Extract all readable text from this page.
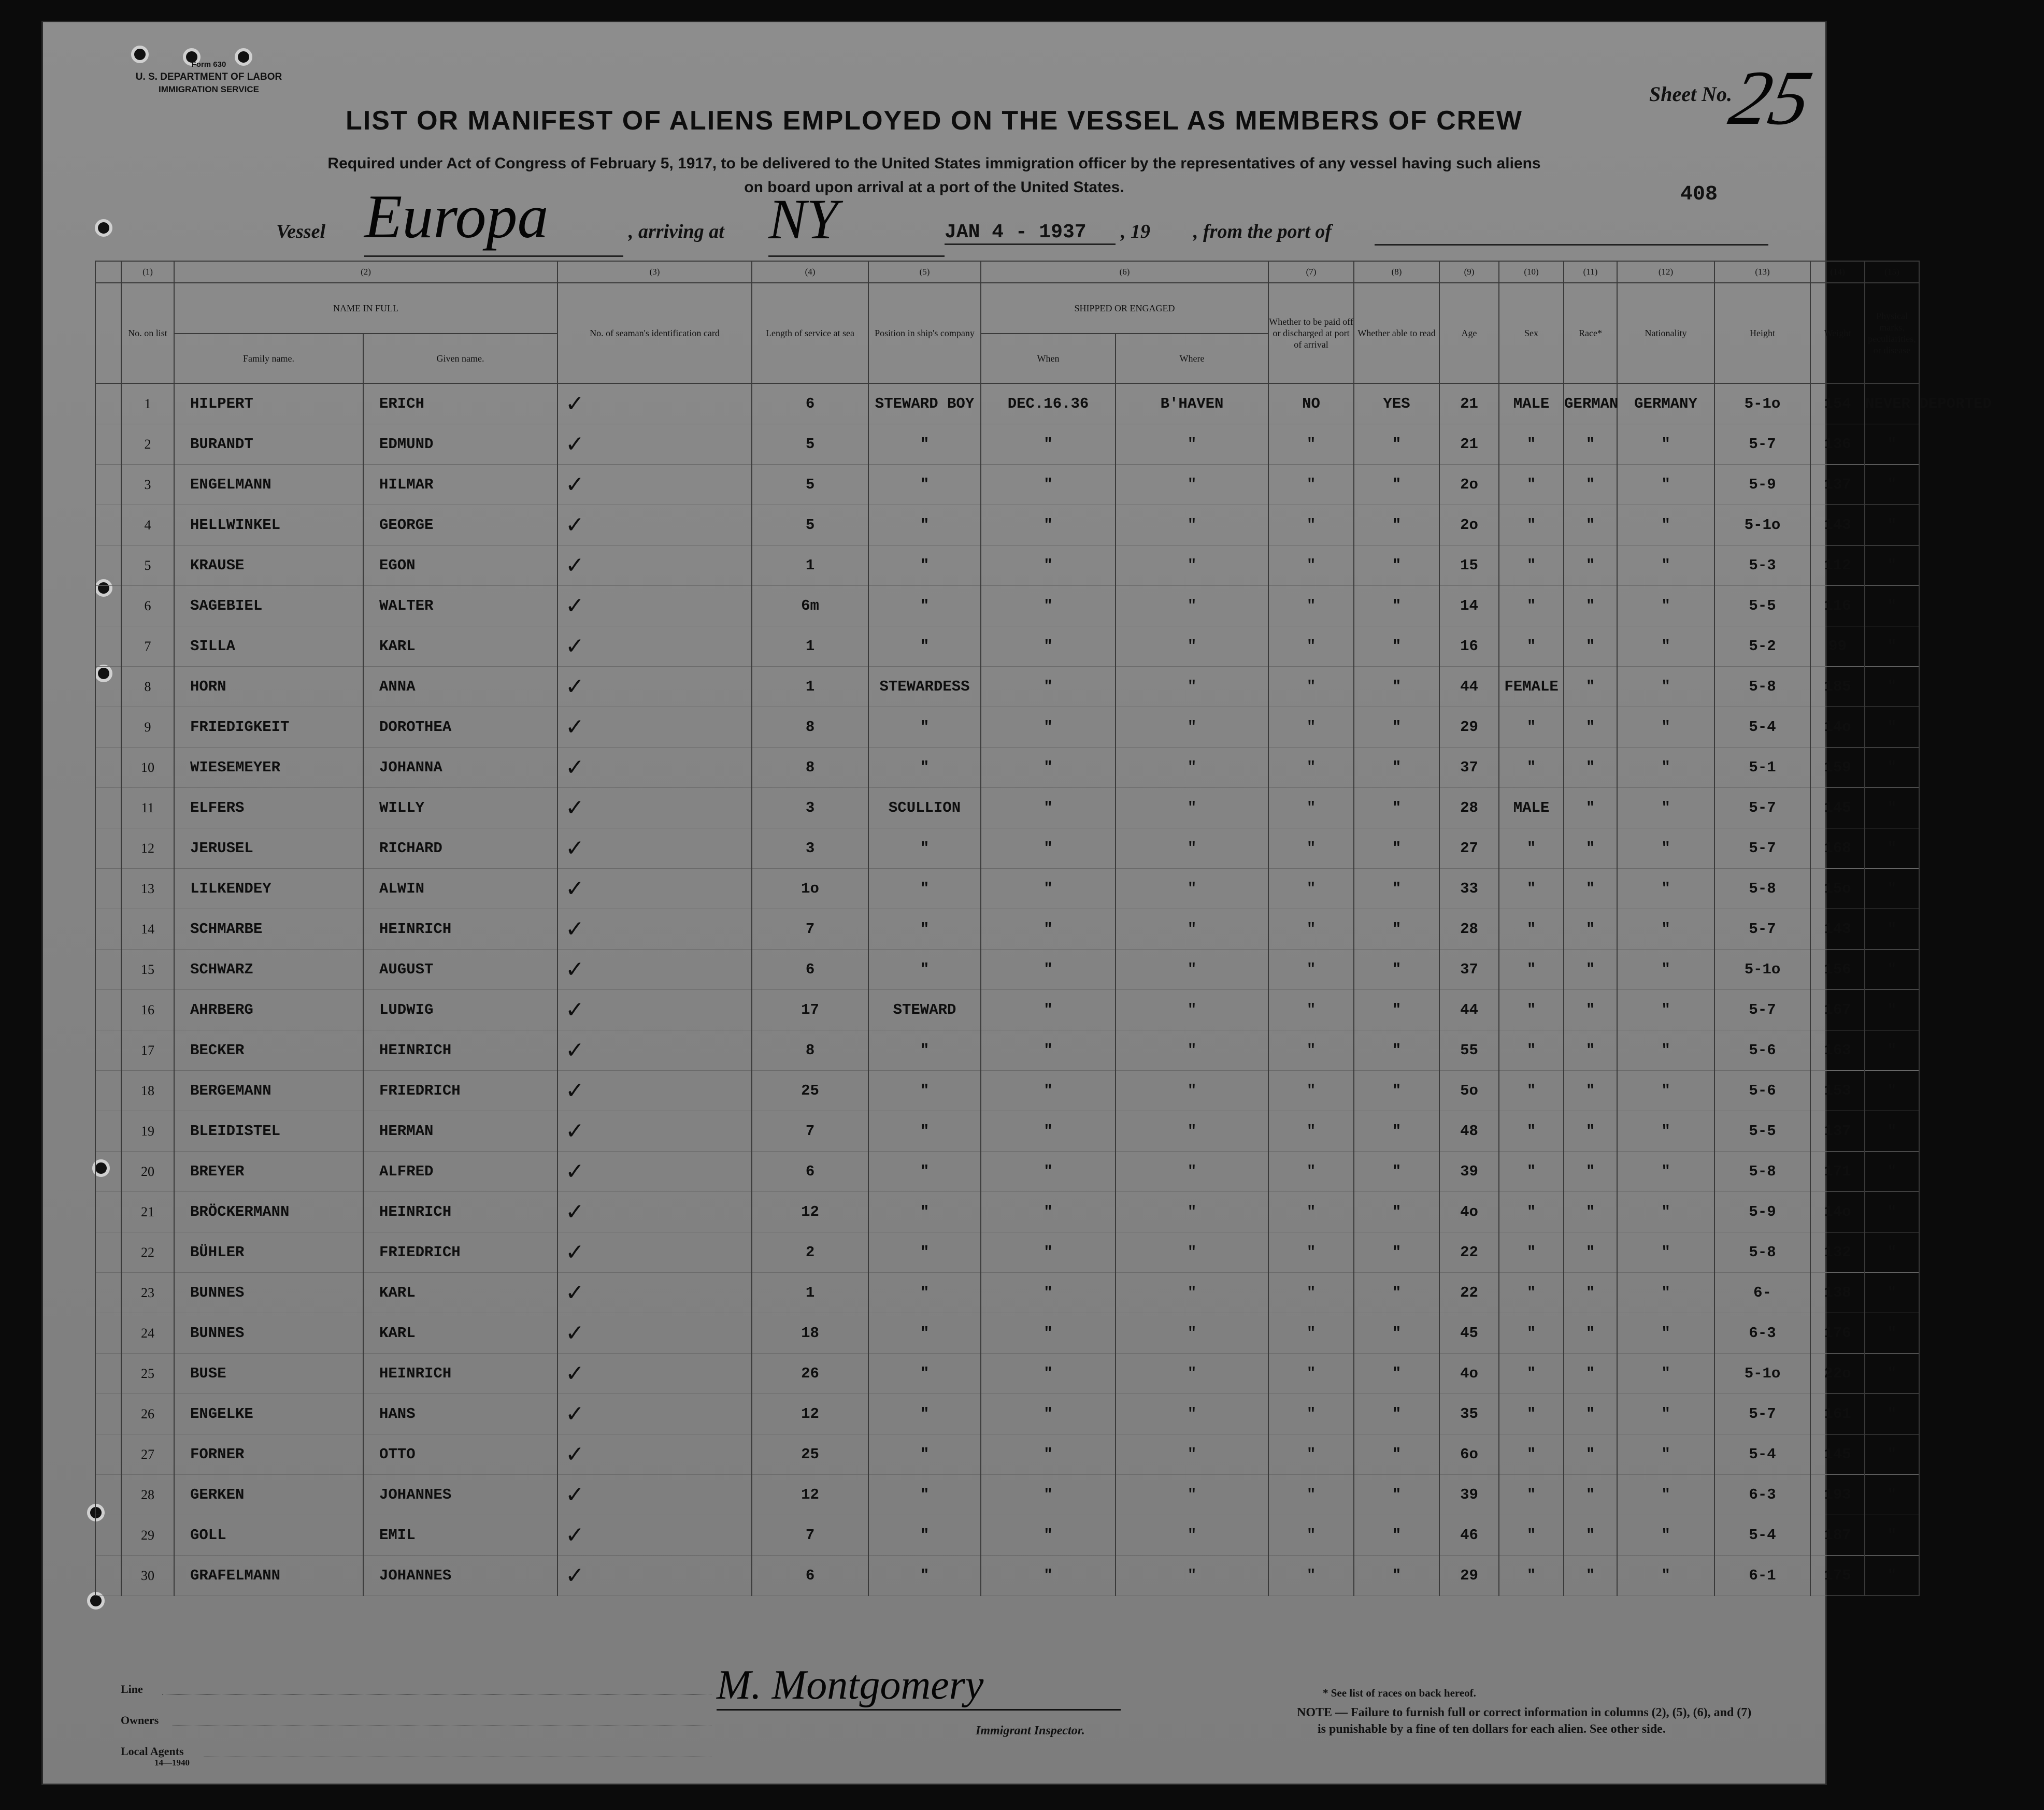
Form 630
U. S. DEPARTMENT OF LABOR
IMMIGRATION SERVICE	Sheet No.
25
408
LIST OR MANIFEST OF ALIENS EMPLOYED ON THE VESSEL AS MEMBERS OF CREW
Required under Act of Congress of February 5, 1917, to be delivered to the United States immigration officer by the representatives of any vessel having such aliens
on board upon arrival at a port of the United States.
Vessel Europa	, arriving at NY	JAN 4 - 1937	, 19 , from the port of
	(1)	(2)		(3)	(4)	(5)	(6)		(7)	(8)	(9)	(10)	(11)	(12)	(13)	(14)	(15)
	No. on list	NAME IN FULL		No. of seaman's identification card	Length of service at sea	Position in ship's company	SHIPPED OR ENGAGED		Whether to be paid off or discharged at port of arrival	Whether able to read	Age	Sex	Race*	Nationality	Height	Weight	Physical marks, peculiarities, or disease
		Family name.	Given name.				When	Where									
	1	HILPERT	ERICH	✓	6	STEWARD BOY	DEC.16.36	B'HAVEN	NO	YES	21	MALE	GERMAN	GERMANY	5-1o	154	NEVER DEPORTED
	2	BURANDT	EDMUND	✓	5	"	"	"	"	"	21	"	"	"	5-7	136	"
	3	ENGELMANN	HILMAR	✓	5	"	"	"	"	"	2o	"	"	"	5-9	137	"
	4	HELLWINKEL	GEORGE	✓	5	"	"	"	"	"	2o	"	"	"	5-1o	143	"
	5	KRAUSE	EGON	✓	1	"	"	"	"	"	15	"	"	"	5-3	112	"
	6	SAGEBIEL	WALTER	✓	6m	"	"	"	"	"	14	"	"	"	5-5	116	"
	7	SILLA	KARL	✓	1	"	"	"	"	"	16	"	"	"	5-2	99	"
	8	HORN	ANNA	✓	1	STEWARDESS	"	"	"	"	44	FEMALE	"	"	5-8	185	"
	9	FRIEDIGKEIT	DOROTHEA	✓	8	"	"	"	"	"	29	"	"	"	5-4	14o	"
	10	WIESEMEYER	JOHANNA	✓	8	"	"	"	"	"	37	"	"	"	5-1	159	"
	11	ELFERS	WILLY	✓	3	SCULLION	"	"	"	"	28	MALE	"	"	5-7	145	"
	12	JERUSEL	RICHARD	✓	3	"	"	"	"	"	27	"	"	"	5-7	168	"
	13	LILKENDEY	ALWIN	✓	1o	"	"	"	"	"	33	"	"	"	5-8	15o	"
	14	SCHMARBE	HEINRICH	✓	7	"	"	"	"	"	28	"	"	"	5-7	143	"
	15	SCHWARZ	AUGUST	✓	6	"	"	"	"	"	37	"	"	"	5-1o	156	"
	16	AHRBERG	LUDWIG	✓	17	STEWARD	"	"	"	"	44	"	"	"	5-7	167	"
	17	BECKER	HEINRICH	✓	8	"	"	"	"	"	55	"	"	"	5-6	163	"
	18	BERGEMANN	FRIEDRICH	✓	25	"	"	"	"	"	5o	"	"	"	5-6	153	"
	19	BLEIDISTEL	HERMAN	✓	7	"	"	"	"	"	48	"	"	"	5-5	137	"
	20	BREYER	ALFRED	✓	6	"	"	"	"	"	39	"	"	"	5-8	171	"
	21	BRÖCKERMANN	HEINRICH	✓	12	"	"	"	"	"	4o	"	"	"	5-9	14o	"
	22	BÜHLER	FRIEDRICH	✓	2	"	"	"	"	"	22	"	"	"	5-8	132	"
	23	BUNNES	KARL	✓	1	"	"	"	"	"	22	"	"	"	6-	138	"
	24	BUNNES	KARL	✓	18	"	"	"	"	"	45	"	"	"	6-3	176	"
	25	BUSE	HEINRICH	✓	26	"	"	"	"	"	4o	"	"	"	5-1o	22o	"
	26	ENGELKE	HANS	✓	12	"	"	"	"	"	35	"	"	"	5-7	161	"
	27	FORNER	OTTO	✓	25	"	"	"	"	"	6o	"	"	"	5-4	145	"
	28	GERKEN	JOHANNES	✓	12	"	"	"	"	"	39	"	"	"	6-3	193	"
	29	GOLL	EMIL	✓	7	"	"	"	"	"	46	"	"	"	5-4	187	"
	30	GRAFELMANN	JOHANNES	✓	6	"	"	"	"	"	29	"	"	"	6-1	175	"
Line
Owners
Local Agents
14—1940
M. Montgomery
Immigrant Inspector.
* See list of races on back hereof.
NOTE — Failure to furnish full or correct information in columns (2), (5), (6), and (7)
is punishable by a fine of ten dollars for each alien. See other side.
